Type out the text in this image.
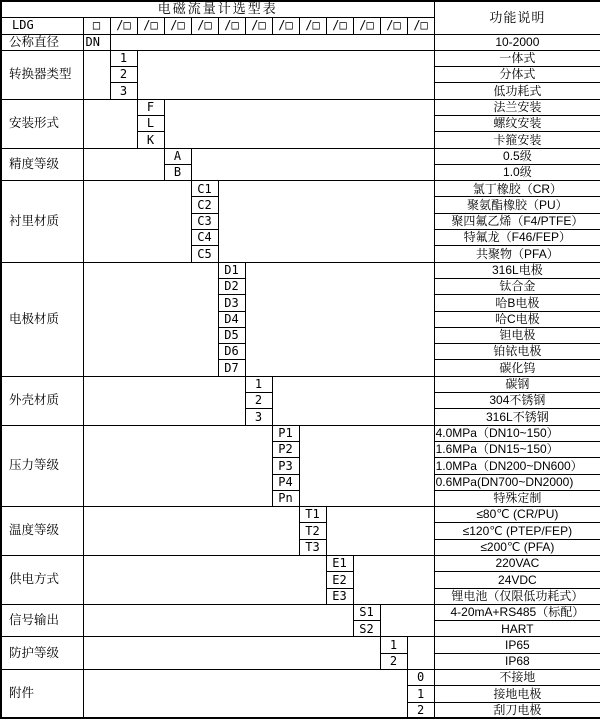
电磁流量计选型表														功能说明
LDG	□	/□	/□	/□	/□	/□	/□	/□	/□	/□	/□	/□	/□	
公称直径	DN													10-2000
转换器类型		1												一体式
		2												分体式
		3												低功耗式
安装形式			F											法兰安装
			L											螺纹安装
			K											卡箍安装
精度等级				A										0.5级
				B										1.0级
衬里材质					C1									氯丁橡胶（CR）
					C2									聚氨酯橡胶（PU）
					C3									聚四氟乙烯（F4/PTFE）
					C4									特氟龙（F46/FEP）
					C5									共聚物（PFA）
电极材质						D1								316L电极
						D2								钛合金
						D3								哈B电极
						D4								哈C电极
						D5								钽电极
						D6								铂铱电极
						D7								碳化钨
外壳材质							1							碳钢
							2							304不锈钢
							3							316L不锈钢
压力等级								P1						4.0MPa（DN10~150）
								P2						1.6MPa（DN15~150）
								P3						1.0MPa（DN200~DN600）
								P4						0.6MPa(DN700~DN2000)
								Pn						特殊定制
温度等级									T1					≤80℃ (CR/PU)
									T2					≤120℃ (PTEP/FEP)
									T3					≤200℃ (PFA)
供电方式										E1				220VAC
										E2				24VDC
										E3				锂电池（仅限低功耗式）
信号输出											S1			4-20mA+RS485（标配）
											S2			HART
防护等级												1		IP65
												2		IP68
附件													0	不接地
													1	接地电极
													2	刮刀电极
